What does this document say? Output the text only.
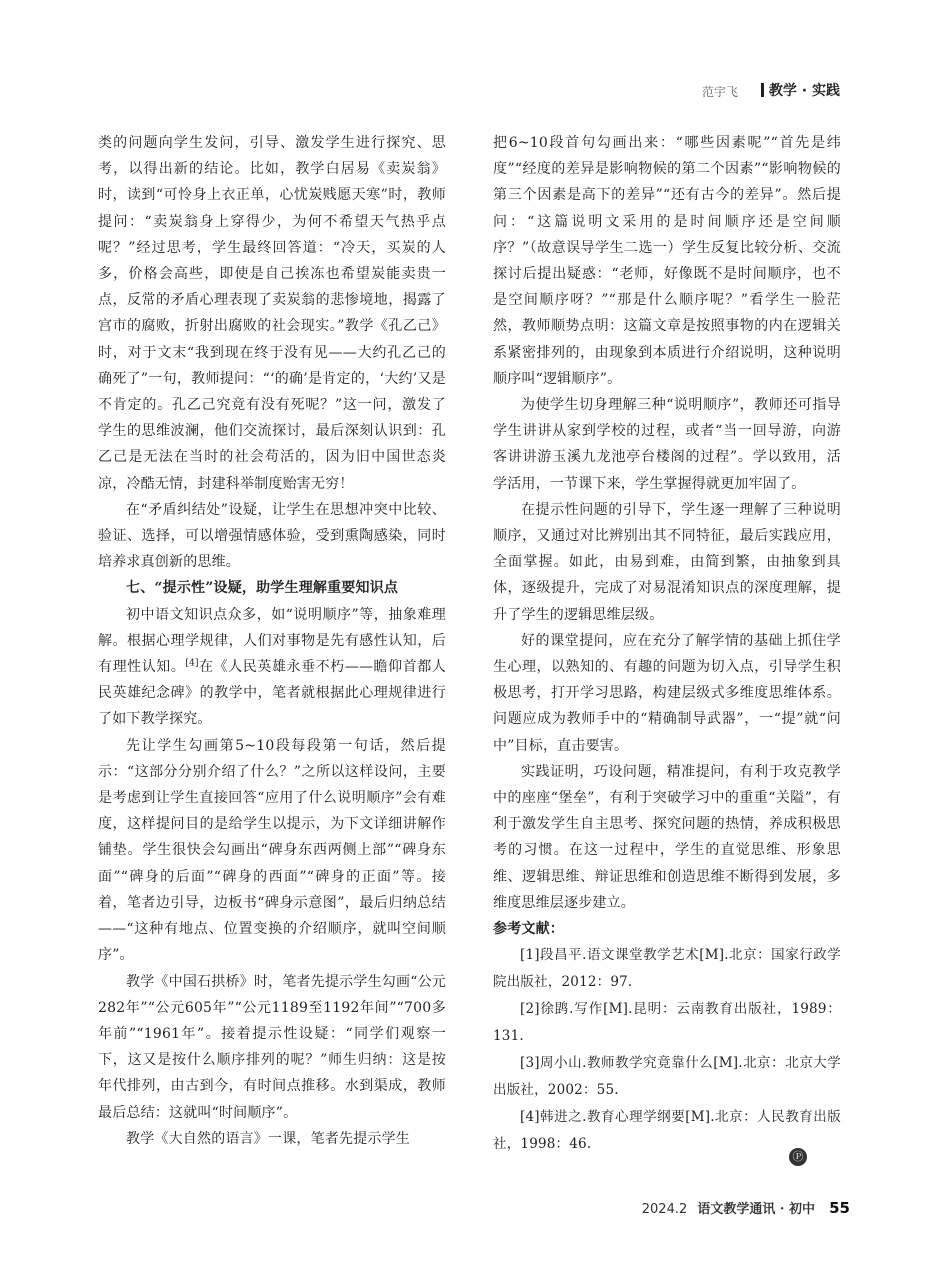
范宇飞	教学 · 实践

类的问题向学生发问，引导、激发学生进行探究、思考，以得出新的结论。比如，教学白居易《卖炭翁》时，读到“可怜身上衣正单，心忧炭贱愿天寒”时，教师提问：“卖炭翁身上穿得少，为何不希望天气热乎点呢？”经过思考，学生最终回答道：“冷天，买炭的人多，价格会高些，即使是自己挨冻也希望炭能卖贵一点，反常的矛盾心理表现了卖炭翁的悲惨境地，揭露了宫市的腐败，折射出腐败的社会现实。”教学《孔乙己》时，对于文末“我到现在终于没有见——大约孔乙己的确死了”一句，教师提问：“‘的确’是肯定的，‘大约’又是不肯定的。孔乙己究竟有没有死呢？”这一问，激发了学生的思维波澜，他们交流探讨，最后深刻认识到：孔乙己是无法在当时的社会苟活的，因为旧中国世态炎凉，冷酷无情，封建科举制度贻害无穷！

在“矛盾纠结处”设疑，让学生在思想冲突中比较、验证、选择，可以增强情感体验，受到熏陶感染，同时培养求真创新的思维。

七、“提示性”设疑，助学生理解重要知识点

初中语文知识点众多，如“说明顺序”等，抽象难理解。根据心理学规律，人们对事物是先有感性认知，后有理性认知。[4]在《人民英雄永垂不朽——瞻仰首都人民英雄纪念碑》的教学中，笔者就根据此心理规律进行了如下教学探究。

先让学生勾画第5~10段每段第一句话，然后提示：“这部分分别介绍了什么？”之所以这样设问，主要是考虑到让学生直接回答“应用了什么说明顺序”会有难度，这样提问目的是给学生以提示，为下文详细讲解作铺垫。学生很快会勾画出“碑身东西两侧上部”“碑身东面”“碑身的后面”“碑身的西面”“碑身的正面”等。接着，笔者边引导，边板书“碑身示意图”，最后归纳总结——“这种有地点、位置变换的介绍顺序，就叫空间顺序”。

教学《中国石拱桥》时，笔者先提示学生勾画“公元282年”“公元605年”“公元1189至1192年间”“700多年前”“1961年”。接着提示性设疑：“同学们观察一下，这又是按什么顺序排列的呢？”师生归纳：这是按年代排列，由古到今，有时间点推移。水到渠成，教师最后总结：这就叫“时间顺序”。

教学《大自然的语言》一课，笔者先提示学生

把6~10段首句勾画出来：“哪些因素呢”“首先是纬度”“经度的差异是影响物候的第二个因素”“影响物候的第三个因素是高下的差异”“还有古今的差异”。然后提问：“这篇说明文采用的是时间顺序还是空间顺序？”（故意误导学生二选一）学生反复比较分析、交流探讨后提出疑惑：“老师，好像既不是时间顺序，也不是空间顺序呀？”“那是什么顺序呢？”看学生一脸茫然，教师顺势点明：这篇文章是按照事物的内在逻辑关系紧密排列的，由现象到本质进行介绍说明，这种说明顺序叫“逻辑顺序”。

为使学生切身理解三种“说明顺序”，教师还可指导学生讲讲从家到学校的过程，或者“当一回导游，向游客讲讲游玉溪九龙池亭台楼阁的过程”。学以致用，活学活用，一节课下来，学生掌握得就更加牢固了。

在提示性问题的引导下，学生逐一理解了三种说明顺序，又通过对比辨别出其不同特征，最后实践应用，全面掌握。如此，由易到难，由简到繁，由抽象到具体，逐级提升，完成了对易混淆知识点的深度理解，提升了学生的逻辑思维层级。

好的课堂提问，应在充分了解学情的基础上抓住学生心理，以熟知的、有趣的问题为切入点，引导学生积极思考，打开学习思路，构建层级式多维度思维体系。问题应成为教师手中的“精确制导武器”，一“提”就“问中”目标，直击要害。

实践证明，巧设问题，精准提问，有利于攻克教学中的座座“堡垒”，有利于突破学习中的重重“关隘”，有利于激发学生自主思考、探究问题的热情，养成积极思考的习惯。在这一过程中，学生的直觉思维、形象思维、逻辑思维、辩证思维和创造思维不断得到发展，多维度思维层逐步建立。

参考文献：

[1]段昌平.语文课堂教学艺术[M].北京：国家行政学院出版社，2012：97.

[2]徐鹍.写作[M].昆明：云南教育出版社，1989：131.

[3]周小山.教师教学究竟靠什么[M].北京：北京大学出版社，2002：55.

[4]韩进之.教育心理学纲要[M].北京：人民教育出版社，1998：46.

Ⓟ
2024.2 语文教学通讯 · 初中 55
